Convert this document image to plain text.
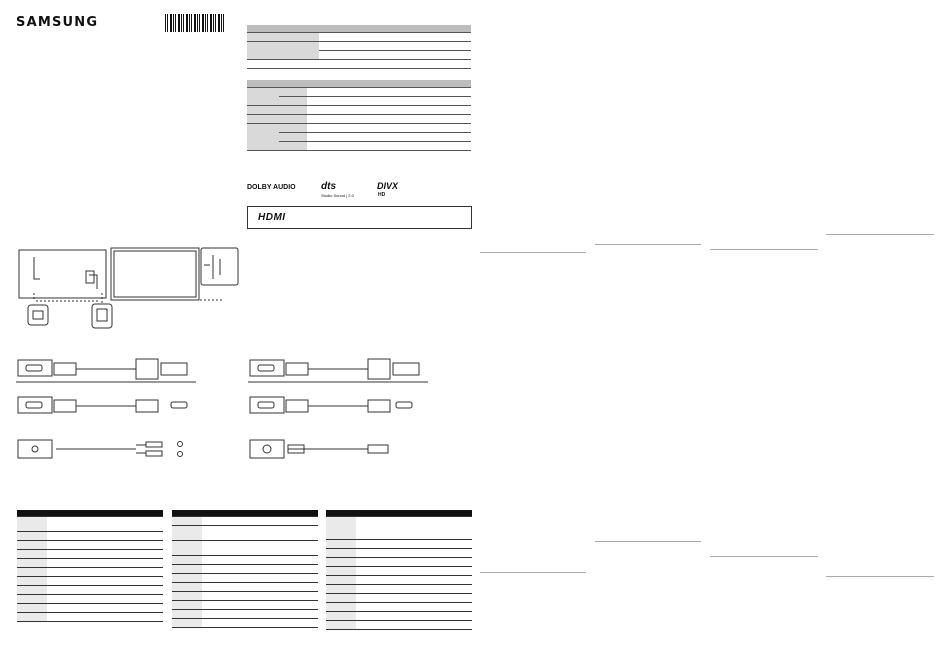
SAMSUNG

DOLBY AUDIO	dts
Studio Sound | 2.0
DIVX
HD
HDMI
